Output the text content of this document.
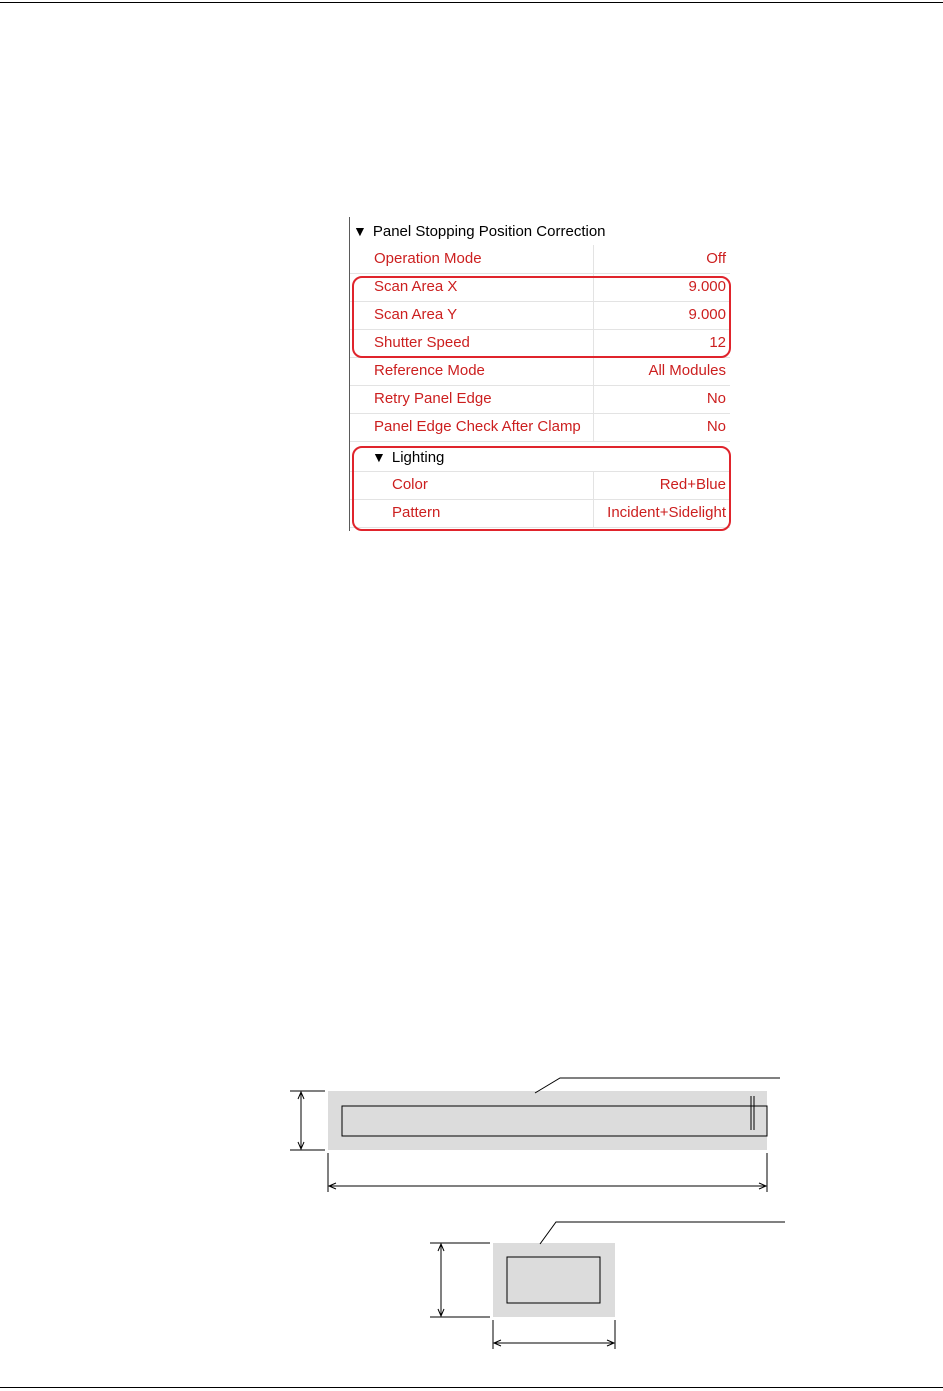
▼ Panel Stopping Position Correction
Operation Mode	Off
Scan Area X	9.000
Scan Area Y	9.000
Shutter Speed	12
Reference Mode	All Modules
Retry Panel Edge	No
Panel Edge Check After Clamp	No
▼ Lighting
Color	Red+Blue
Pattern	Incident+Sidelight
